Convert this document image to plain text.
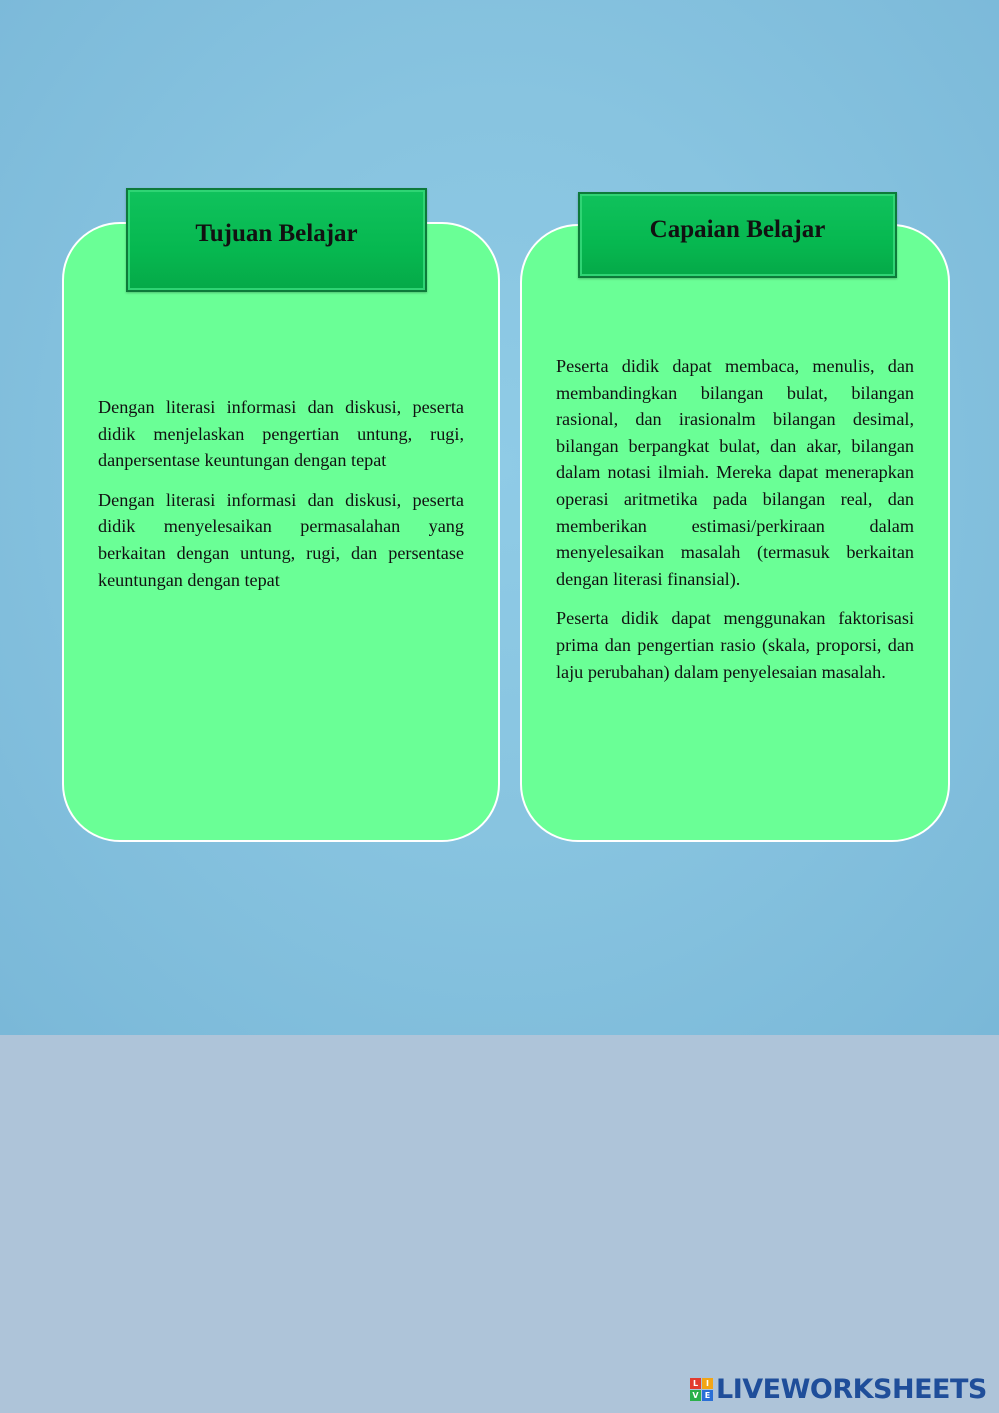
Tujuan Belajar

Dengan literasi informasi dan diskusi, peserta didik menjelaskan pengertian untung, rugi, danpersentase keuntungan dengan tepat

Dengan literasi informasi dan diskusi, peserta didik menyelesaikan permasalahan yang berkaitan dengan untung, rugi, dan persentase keuntungan dengan tepat

Capaian Belajar

Peserta didik dapat membaca, menulis, dan membandingkan bilangan bulat, bilangan rasional, dan irasionalm bilangan desimal, bilangan berpangkat bulat, dan akar, bilangan dalam notasi ilmiah. Mereka dapat menerapkan operasi aritmetika pada bilangan real, dan memberikan estimasi/perkiraan dalam menyelesaikan masalah (termasuk berkaitan dengan literasi finansial).

Peserta didik dapat menggunakan faktorisasi prima dan pengertian rasio (skala, proporsi, dan laju perubahan) dalam penyelesaian masalah.

L I
V E LIVEWORKSHEETS
